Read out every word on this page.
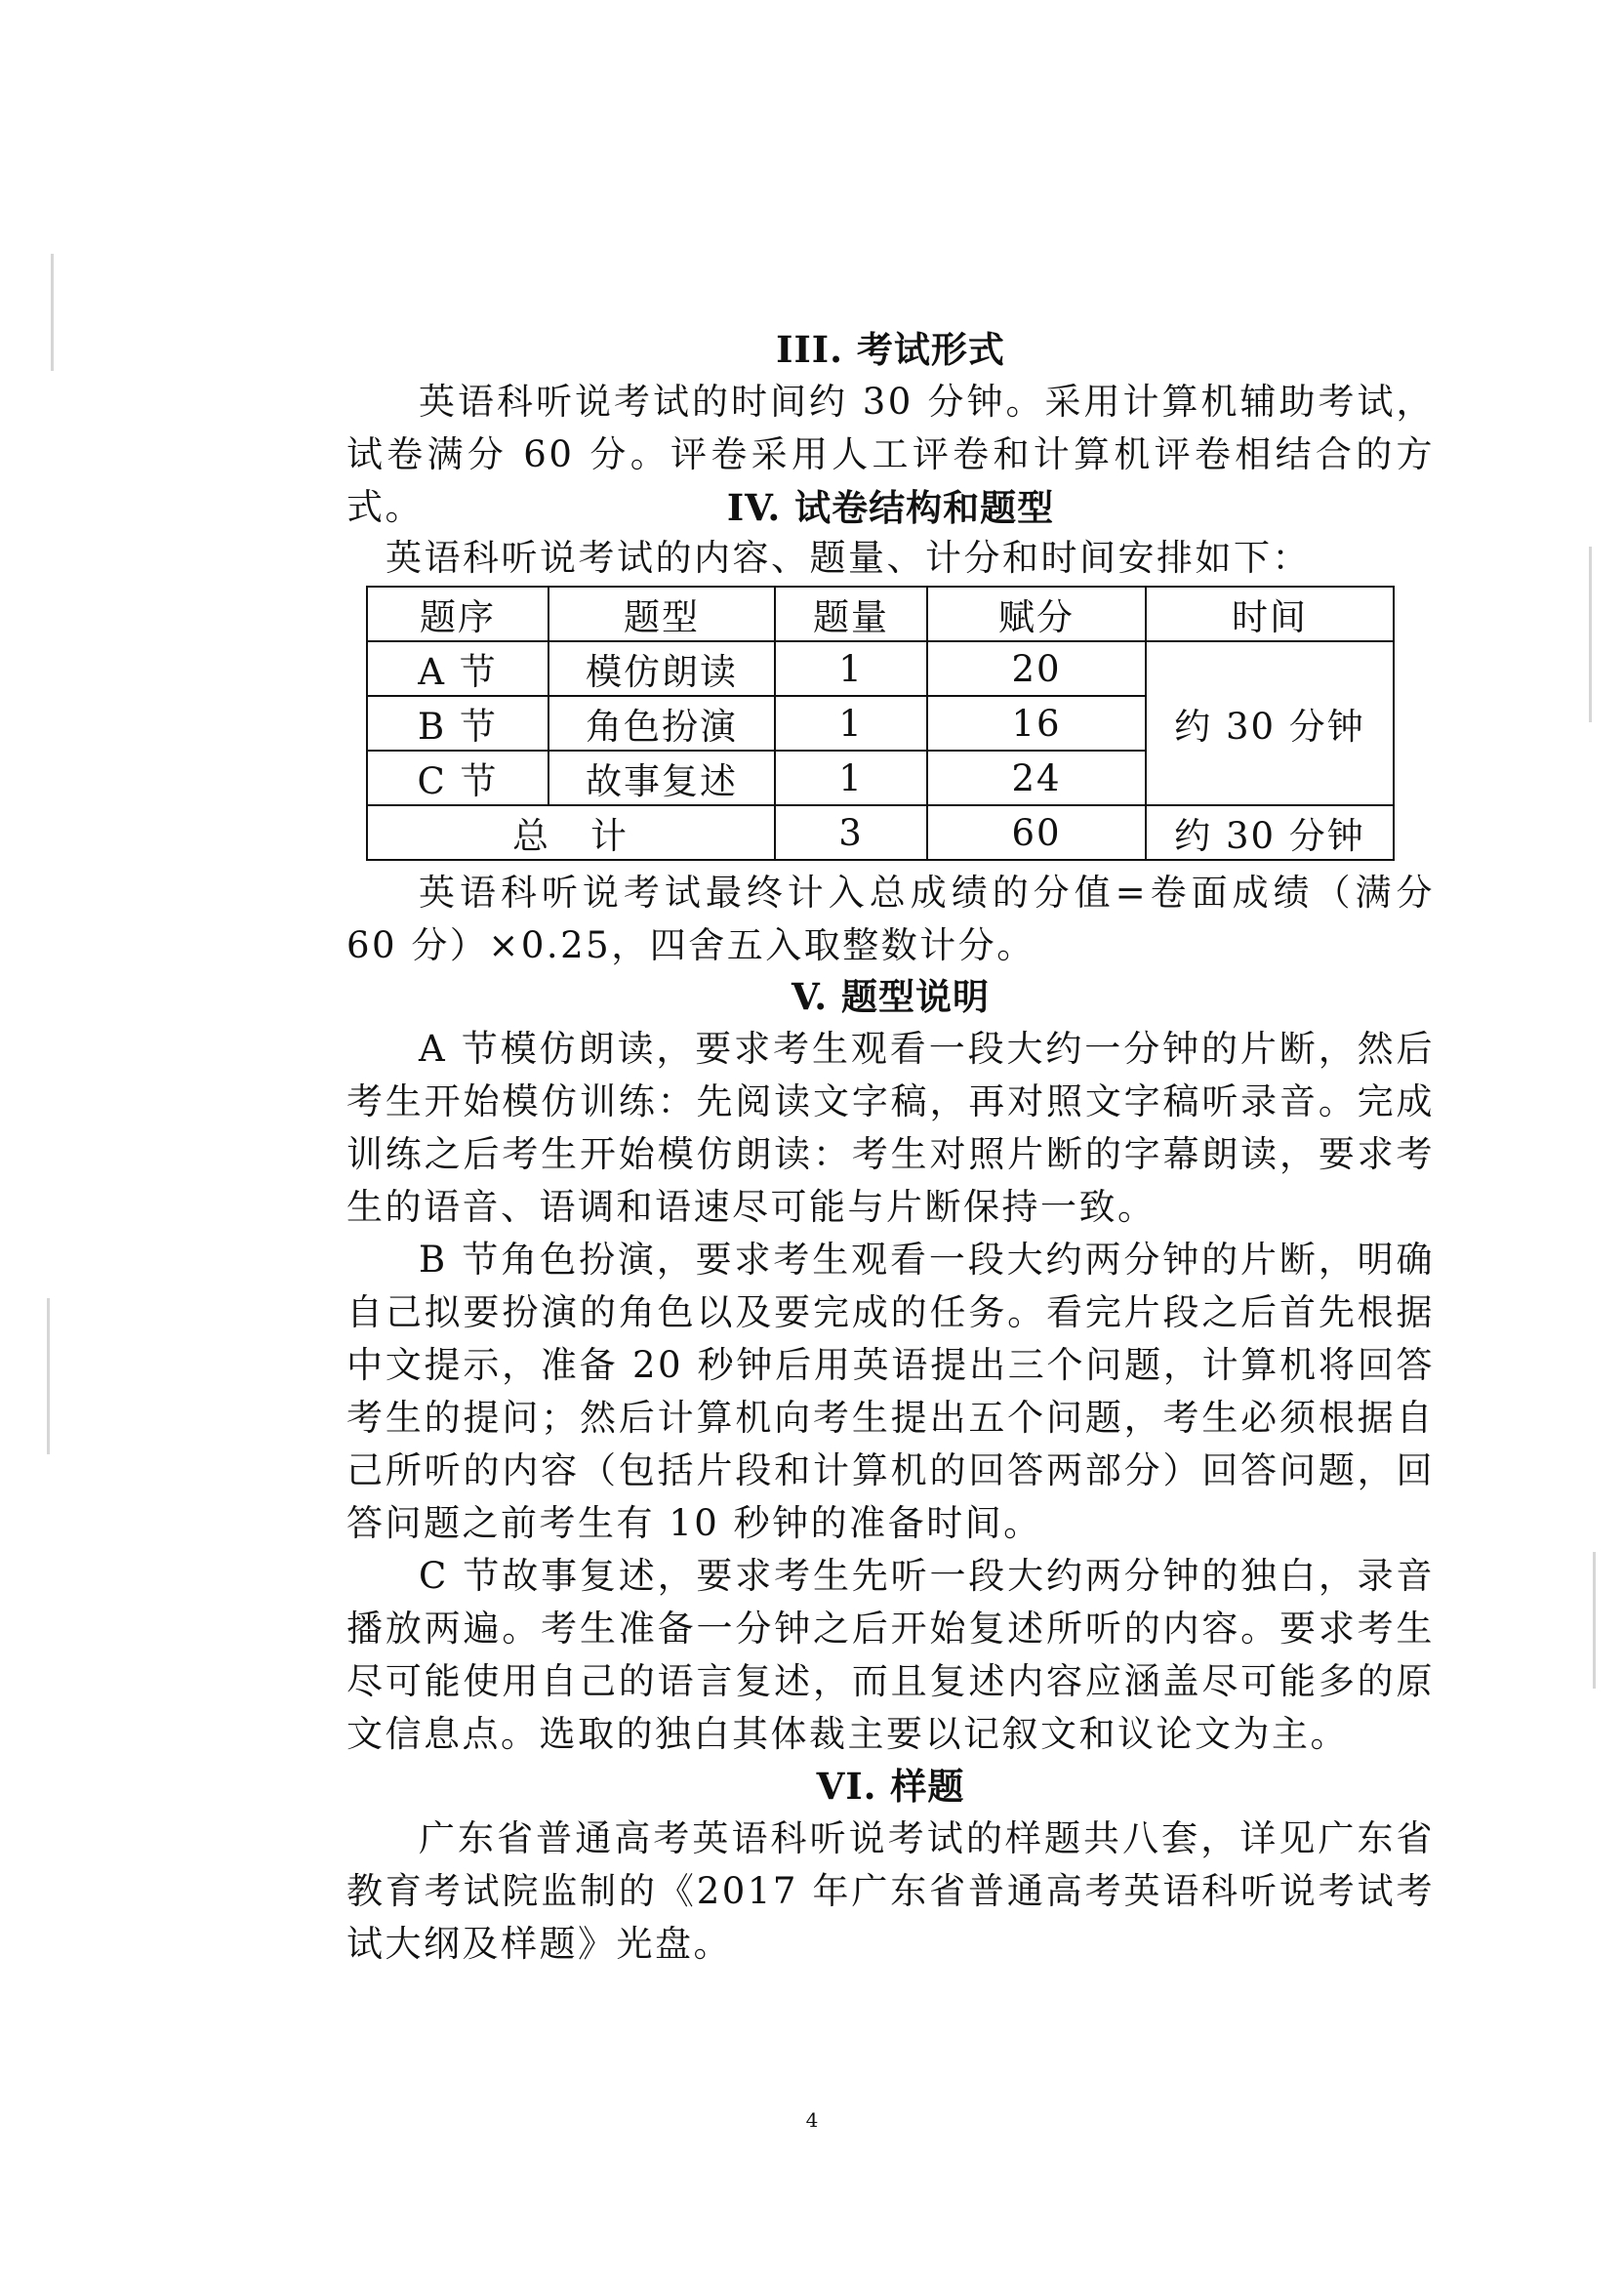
III. 考试形式

英语科听说考试的时间约 30 分钟。采用计算机辅助考试，试卷满分 60 分。评卷采用人工评卷和计算机评卷相结合的方式。	IV. 试卷结构和题型
英语科听说考试的内容、题量、计分和时间安排如下：
题序	题型	题量	赋分	时间
A 节	模仿朗读	1	20	约 30 分钟
B 节	角色扮演	1	16	
C 节	故事复述	1	24	
总　计		3	60	约 30 分钟

英语科听说考试最终计入总成绩的分值=卷面成绩（满分 60 分）×0.25，四舍五入取整数计分。

V. 题型说明

A 节模仿朗读，要求考生观看一段大约一分钟的片断，然后考生开始模仿训练：先阅读文字稿，再对照文字稿听录音。完成训练之后考生开始模仿朗读：考生对照片断的字幕朗读，要求考生的语音、语调和语速尽可能与片断保持一致。

B 节角色扮演，要求考生观看一段大约两分钟的片断，明确自己拟要扮演的角色以及要完成的任务。看完片段之后首先根据中文提示，准备 20 秒钟后用英语提出三个问题，计算机将回答考生的提问；然后计算机向考生提出五个问题，考生必须根据自己所听的内容（包括片段和计算机的回答两部分）回答问题，回答问题之前考生有 10 秒钟的准备时间。

C 节故事复述，要求考生先听一段大约两分钟的独白，录音播放两遍。考生准备一分钟之后开始复述所听的内容。要求考生尽可能使用自己的语言复述，而且复述内容应涵盖尽可能多的原文信息点。选取的独白其体裁主要以记叙文和议论文为主。

VI. 样题

广东省普通高考英语科听说考试的样题共八套，详见广东省教育考试院监制的《2017 年广东省普通高考英语科听说考试考试大纲及样题》光盘。

4
